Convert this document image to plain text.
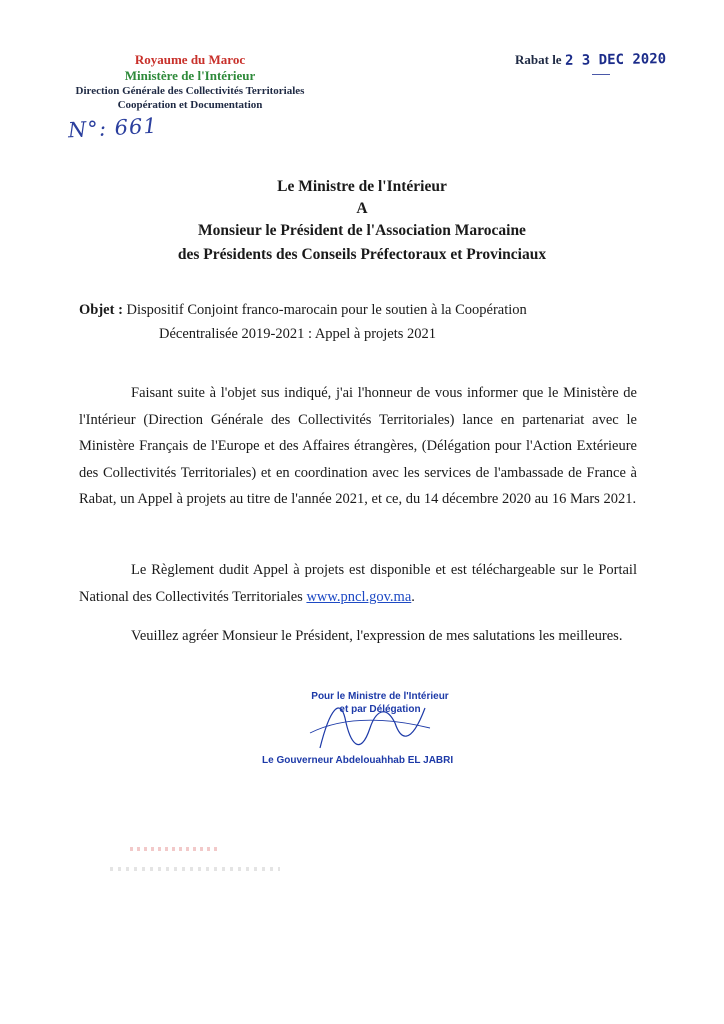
Royaume du Maroc
Ministère de l'Intérieur
Direction Générale des Collectivités Territoriales
Coopération et Documentation
N°: 661
Rabat le 2 3 DEC 2020
Le Ministre de l'Intérieur
A
Monsieur le Président de l'Association Marocaine
des Présidents des Conseils Préfectoraux et Provinciaux
Objet : Dispositif Conjoint franco-marocain pour le soutien à la Coopération
Décentralisée 2019-2021 : Appel à projets 2021
Faisant suite à l'objet sus indiqué, j'ai l'honneur de vous informer que le Ministère de l'Intérieur (Direction Générale des Collectivités Territoriales) lance en partenariat avec le Ministère Français de l'Europe et des Affaires étrangères, (Délégation pour l'Action Extérieure des Collectivités Territoriales) et en coordination avec les services de l'ambassade de France à Rabat, un Appel à projets au titre de l'année 2021, et ce, du 14 décembre 2020 au 16 Mars 2021.
Le Règlement dudit Appel à projets est disponible et est téléchargeable sur le Portail National des Collectivités Territoriales www.pncl.gov.ma.
Veuillez agréer Monsieur le Président, l'expression de mes salutations les meilleures.
Pour le Ministre de l'Intérieur
et par Délégation
Le Gouverneur Abdelouahhab EL JABRI
